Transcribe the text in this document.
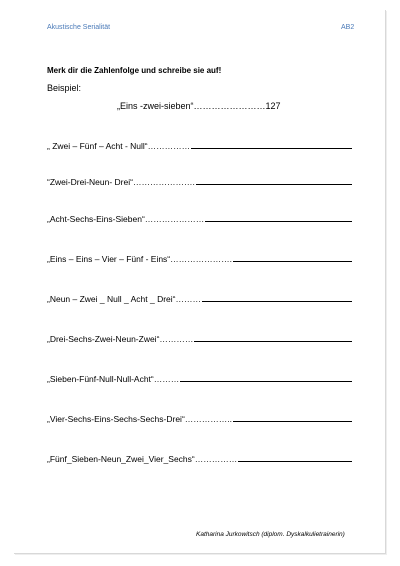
Akustische Serialität	AB2
Merk dir die Zahlenfolge und schreibe sie auf!
Beispiel:
„Eins -zwei-sieben“……………………127
„ Zwei – Fünf – Acht - Null“……………
“Zwei-Drei-Neun- Drei“………………….
„Acht-Sechs-Eins-Sieben“…………………
„Eins – Eins – Vier – Fünf - Eins“………………….
„Neun – Zwei _ Null _ Acht _ Drei“………
„Drei-Sechs-Zwei-Neun-Zwei“…………
„Sieben-Fünf-Null-Null-Acht“………
„Vier-Sechs-Eins-Sechs-Sechs-Drei“……………..
„Fünf_Sieben-Neun_Zwei_Vier_Sechs“……………
Katharina Jurkowitsch (diplom. Dyskalkulietrainerin)
